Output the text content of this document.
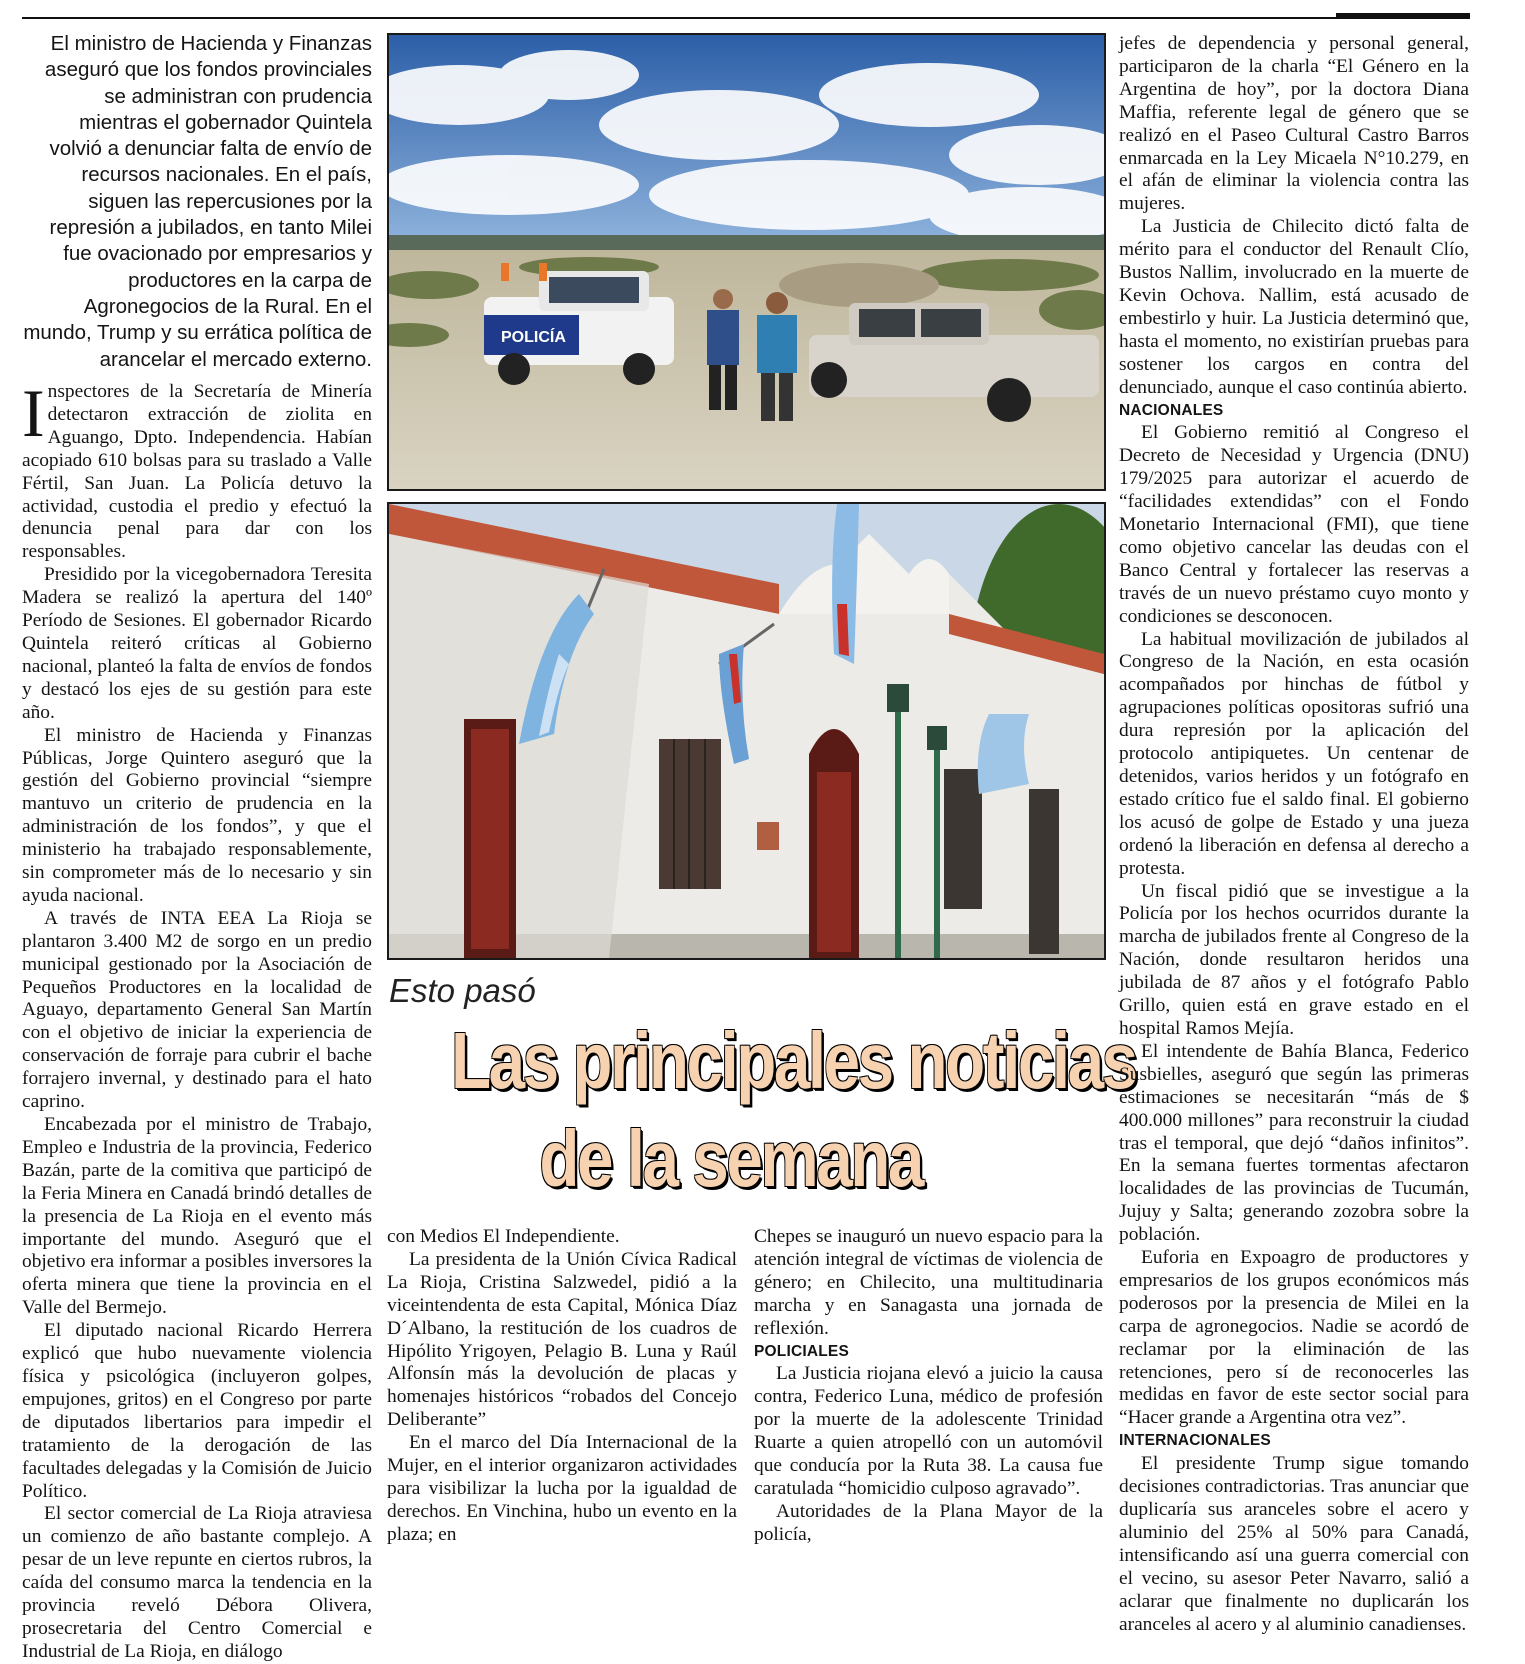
El ministro de Hacienda y Finanzas aseguró que los fondos provinciales se administran con prudencia mientras el gobernador Quintela volvió a denunciar falta de envío de recursos nacionales. En el país, siguen las repercusiones por la represión a jubilados, en tanto Milei fue ovacionado por empresarios y productores en la carpa de Agronegocios de la Rural. En el mundo, Trump y su errática política de arancelar el mercado externo.

Inspectores de la Secretaría de Minería detectaron extracción de ziolita en Aguango, Dpto. Independencia. Habían acopiado 610 bolsas para su traslado a Valle Fértil, San Juan. La Policía detuvo la actividad, custodia el predio y efectuó la denuncia penal para dar con los responsables.

Presidido por la vicegobernadora Teresita Madera se realizó la apertura del 140º Período de Sesiones. El gobernador Ricardo Quintela reiteró críticas al Gobierno nacional, planteó la falta de envíos de fondos y destacó los ejes de su gestión para este año.

El ministro de Hacienda y Finanzas Públicas, Jorge Quintero aseguró que la gestión del Gobierno provincial “siempre mantuvo un criterio de prudencia en la administración de los fondos”, y que el ministerio ha trabajado responsablemente, sin comprometer más de lo necesario y sin ayuda nacional.

A través de INTA EEA La Rioja se plantaron 3.400 M2 de sorgo en un predio municipal gestionado por la Asociación de Pequeños Productores en la localidad de Aguayo, departamento General San Martín con el objetivo de iniciar la experiencia de conservación de forraje para cubrir el bache forrajero invernal, y destinado para el hato caprino.

Encabezada por el ministro de Trabajo, Empleo e Industria de la provincia, Federico Bazán, parte de la comitiva que participó de la Feria Minera en Canadá brindó detalles de la presencia de La Rioja en el evento más importante del mundo. Aseguró que el objetivo era informar a posibles inversores la oferta minera que tiene la provincia en el Valle del Bermejo.

El diputado nacional Ricardo Herrera explicó que hubo nuevamente violencia física y psicológica (incluyeron golpes, empujones, gritos) en el Congreso por parte de diputados libertarios para impedir el tratamiento de la derogación de las facultades delegadas y la Comisión de Juicio Político.

El sector comercial de La Rioja atraviesa un comienzo de año bastante complejo. A pesar de un leve repunte en ciertos rubros, la caída del consumo marca la tendencia en la provincia reveló Débora Olivera, prosecretaria del Centro Comercial e Industrial de La Rioja, en diálogo

POLICÍA
Esto pasó
Las principales noticias
de la semana

con Medios El Independiente.

La presidenta de la Unión Cívica Radical La Rioja, Cristina Salzwedel, pidió a la viceintendenta de esta Capital, Mónica Díaz D´Albano, la restitución de los cuadros de Hipólito Yrigoyen, Pelagio B. Luna y Raúl Alfonsín más la devolución de placas y homenajes históricos “robados del Concejo Deliberante”

En el marco del Día Internacional de la Mujer, en el interior organizaron actividades para visibilizar la lucha por la igualdad de derechos. En Vinchina, hubo un evento en la plaza; en

Chepes se inauguró un nuevo espacio para la atención integral de víctimas de violencia de género; en Chilecito, una multitudinaria marcha y en Sanagasta una jornada de reflexión.

POLICIALES

La Justicia riojana elevó a juicio la causa contra, Federico Luna, médico de profesión por la muerte de la adolescente Trinidad Ruarte a quien atropelló con un automóvil que conducía por la Ruta 38. La causa fue caratulada “homicidio culposo agravado”.

Autoridades de la Plana Mayor de la policía,

jefes de dependencia y personal general, participaron de la charla “El Género en la Argentina de hoy”, por la doctora Diana Maffia, referente legal de género que se realizó en el Paseo Cultural Castro Barros enmarcada en la Ley Micaela N°10.279, en el afán de eliminar la violencia contra las mujeres.

La Justicia de Chilecito dictó falta de mérito para el conductor del Renault Clío, Bustos Nallim, involucrado en la muerte de Kevin Ochova. Nallim, está acusado de embestirlo y huir. La Justicia determinó que, hasta el momento, no existirían pruebas para sostener los cargos en contra del denunciado, aunque el caso continúa abierto.

NACIONALES

El Gobierno remitió al Congreso el Decreto de Necesidad y Urgencia (DNU) 179/2025 para autorizar el acuerdo de “facilidades extendidas” con el Fondo Monetario Internacional (FMI), que tiene como objetivo cancelar las deudas con el Banco Central y fortalecer las reservas a través de un nuevo préstamo cuyo monto y condiciones se desconocen.

La habitual movilización de jubilados al Congreso de la Nación, en esta ocasión acompañados por hinchas de fútbol y agrupaciones políticas opositoras sufrió una dura represión por la aplicación del protocolo antipiquetes. Un centenar de detenidos, varios heridos y un fotógrafo en estado crítico fue el saldo final. El gobierno los acusó de golpe de Estado y una jueza ordenó la liberación en defensa al derecho a protesta.

Un fiscal pidió que se investigue a la Policía por los hechos ocurridos durante la marcha de jubilados frente al Congreso de la Nación, donde resultaron heridos una jubilada de 87 años y el fotógrafo Pablo Grillo, quien está en grave estado en el hospital Ramos Mejía.

El intendente de Bahía Blanca, Federico Susbielles, aseguró que según las primeras estimaciones se necesitarán “más de $ 400.000 millones” para reconstruir la ciudad tras el temporal, que dejó “daños infinitos”. En la semana fuertes tormentas afectaron localidades de las provincias de Tucumán, Jujuy y Salta; generando zozobra sobre la población.

Euforia en Expoagro de productores y empresarios de los grupos económicos más poderosos por la presencia de Milei en la carpa de agronegocios. Nadie se acordó de reclamar por la eliminación de las retenciones, pero sí de reconocerles las medidas en favor de este sector social para “Hacer grande a Argentina otra vez”.

INTERNACIONALES

El presidente Trump sigue tomando decisiones contradictorias. Tras anunciar que duplicaría sus aranceles sobre el acero y aluminio del 25% al 50% para Canadá, intensificando así una guerra comercial con el vecino, su asesor Peter Navarro, salió a aclarar que finalmente no duplicarán los aranceles al acero y al aluminio canadienses.
